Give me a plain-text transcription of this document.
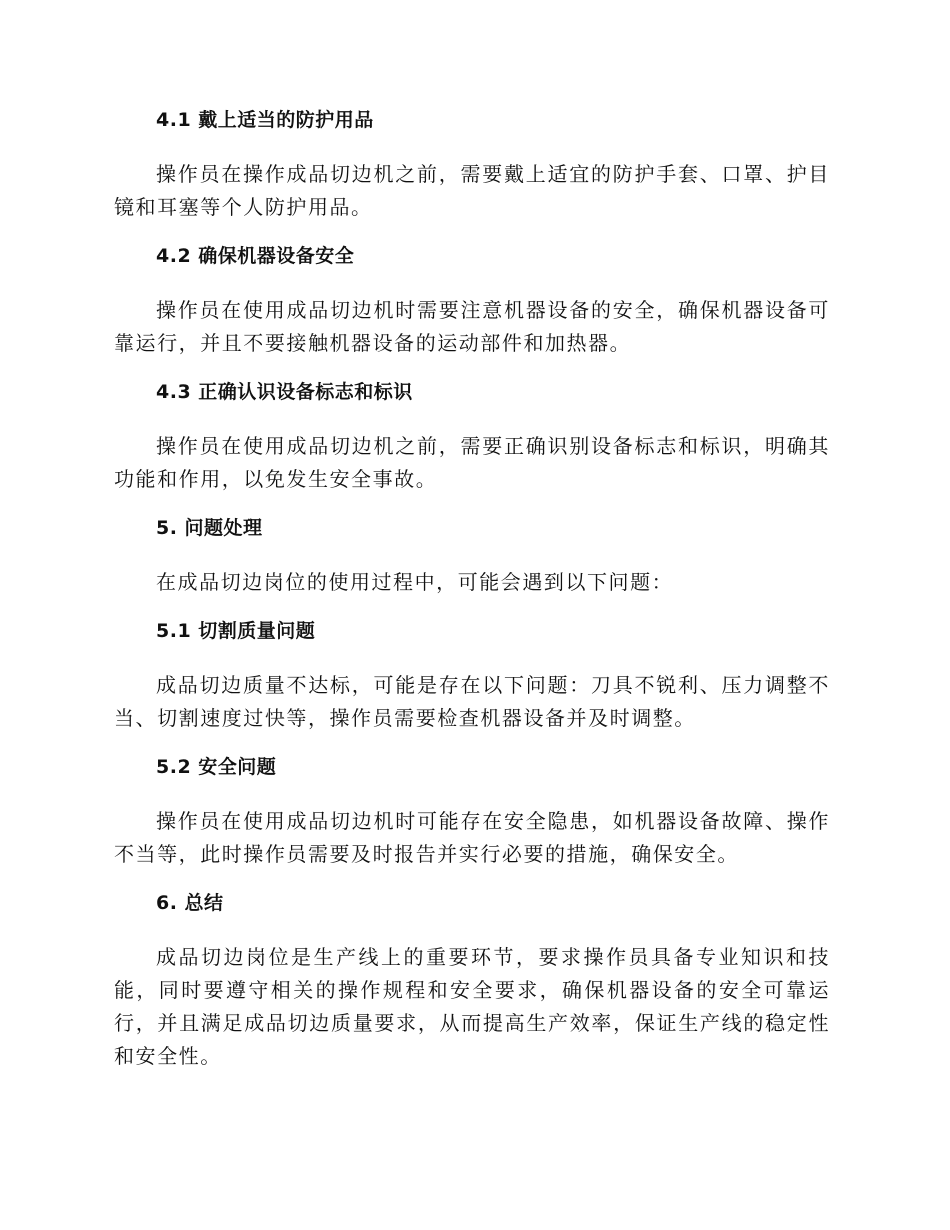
4.1 戴上适当的防护用品

操作员在操作成品切边机之前，需要戴上适宜的防护手套、口罩、护目镜和耳塞等个人防护用品。

4.2 确保机器设备安全

操作员在使用成品切边机时需要注意机器设备的安全，确保机器设备可靠运行，并且不要接触机器设备的运动部件和加热器。

4.3 正确认识设备标志和标识

操作员在使用成品切边机之前，需要正确识别设备标志和标识，明确其功能和作用，以免发生安全事故。

5. 问题处理

在成品切边岗位的使用过程中，可能会遇到以下问题：

5.1 切割质量问题

成品切边质量不达标，可能是存在以下问题：刀具不锐利、压力调整不当、切割速度过快等，操作员需要检查机器设备并及时调整。

5.2 安全问题

操作员在使用成品切边机时可能存在安全隐患，如机器设备故障、操作不当等，此时操作员需要及时报告并实行必要的措施，确保安全。

6. 总结

成品切边岗位是生产线上的重要环节，要求操作员具备专业知识和技能，同时要遵守相关的操作规程和安全要求，确保机器设备的安全可靠运行，并且满足成品切边质量要求，从而提高生产效率，保证生产线的稳定性和安全性。
